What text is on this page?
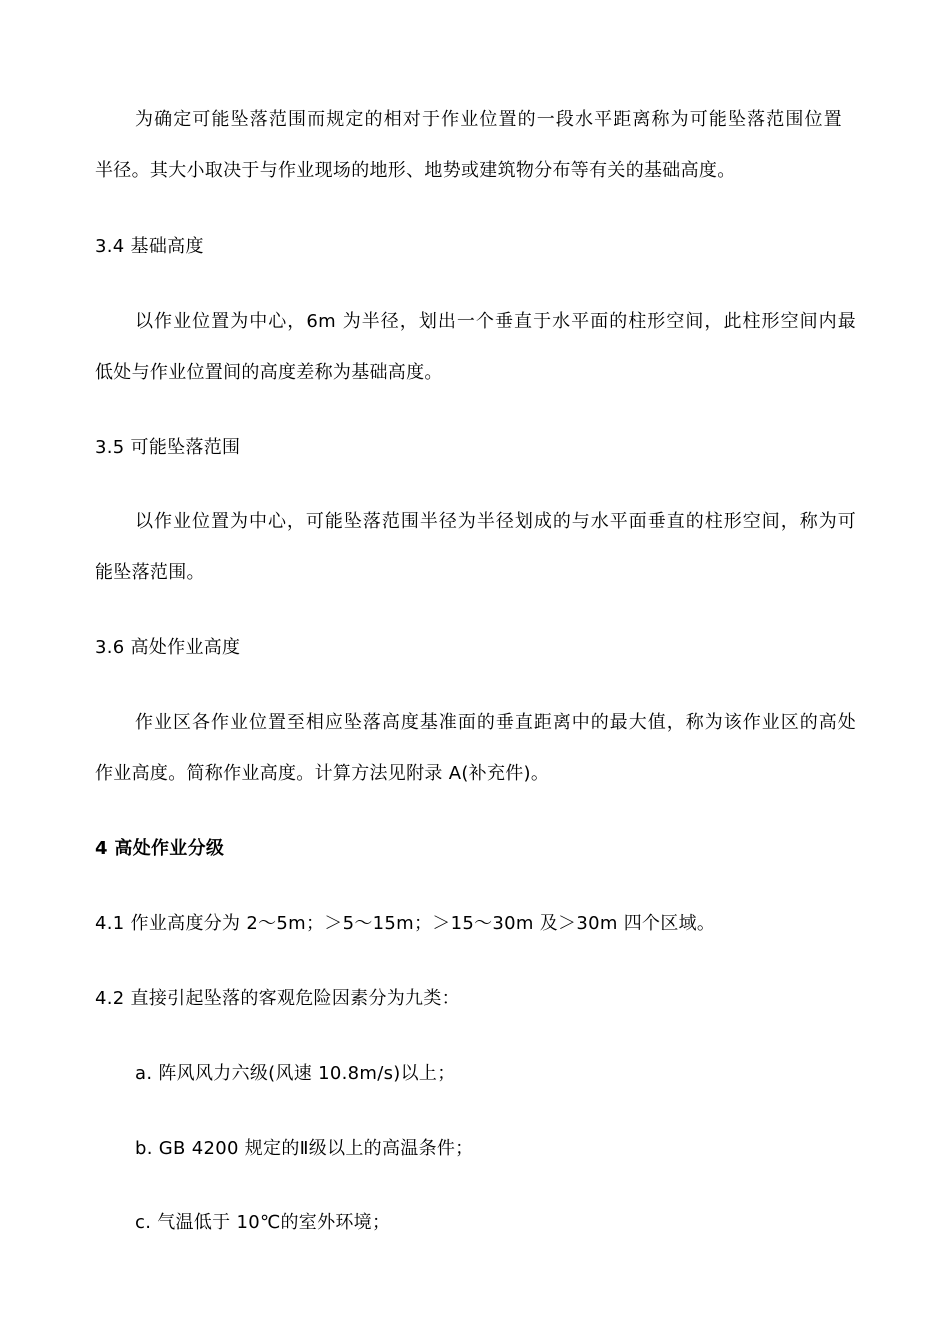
为确定可能坠落范围而规定的相对于作业位置的一段水平距离称为可能坠落范围位置
半径。其大小取决于与作业现场的地形、地势或建筑物分布等有关的基础高度。
3.4 基础高度
以作业位置为中心，6m 为半径，划出一个垂直于水平面的柱形空间，此柱形空间内最
低处与作业位置间的高度差称为基础高度。
3.5 可能坠落范围
以作业位置为中心，可能坠落范围半径为半径划成的与水平面垂直的柱形空间，称为可
能坠落范围。
3.6 高处作业高度
作业区各作业位置至相应坠落高度基准面的垂直距离中的最大值，称为该作业区的高处
作业高度。简称作业高度。计算方法见附录 A(补充件)。
4 高处作业分级
4.1 作业高度分为 2～5m；＞5～15m；＞15～30m 及＞30m 四个区域。
4.2 直接引起坠落的客观危险因素分为九类：
a. 阵风风力六级(风速 10.8m/s)以上；
b. GB 4200 规定的Ⅱ级以上的高温条件；
c. 气温低于 10℃的室外环境；
